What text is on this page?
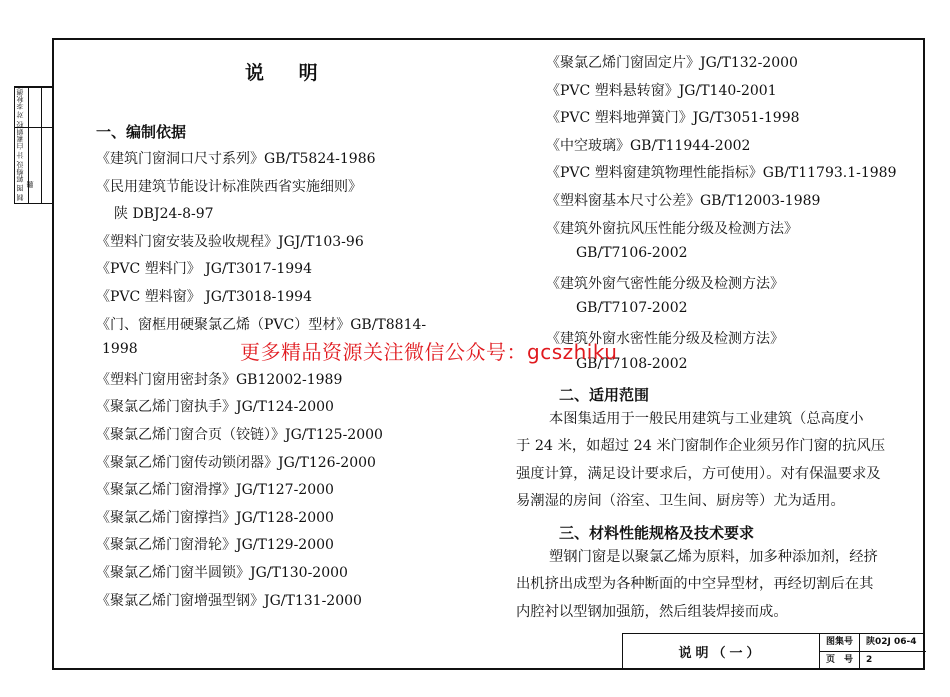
校 对 李秋德
设 计 白素娟
制 图 郭梅鹏
说 明
一、编制依据
《建筑门窗洞口尺寸系列》GB/T5824-1986
《民用建筑节能设计标准陕西省实施细则》
陕 DBJ24-8-97
《塑料门窗安装及验收规程》JGJ/T103-96
《PVC 塑料门》 JG/T3017-1994
《PVC 塑料窗》 JG/T3018-1994
《门、窗框用硬聚氯乙烯（PVC）型材》GB/T8814-
1998
《塑料门窗用密封条》GB12002-1989
《聚氯乙烯门窗执手》JG/T124-2000
《聚氯乙烯门窗合页（铰链）》JG/T125-2000
《聚氯乙烯门窗传动锁闭器》JG/T126-2000
《聚氯乙烯门窗滑撑》JG/T127-2000
《聚氯乙烯门窗撑挡》JG/T128-2000
《聚氯乙烯门窗滑轮》JG/T129-2000
《聚氯乙烯门窗半圆锁》JG/T130-2000
《聚氯乙烯门窗增强型钢》JG/T131-2000
《聚氯乙烯门窗固定片》JG/T132-2000
《PVC 塑料悬转窗》JG/T140-2001
《PVC 塑料地弹簧门》JG/T3051-1998
《中空玻璃》GB/T11944-2002
《PVC 塑料窗建筑物理性能指标》GB/T11793.1-1989
《塑料窗基本尺寸公差》GB/T12003-1989
《建筑外窗抗风压性能分级及检测方法》
GB/T7106-2002
《建筑外窗气密性能分级及检测方法》
GB/T7107-2002
《建筑外窗水密性能分级及检测方法》
GB/T7108-2002
二、适用范围
本图集适用于一般民用建筑与工业建筑（总高度小
于 24 米，如超过 24 米门窗制作企业须另作门窗的抗风压
强度计算，满足设计要求后，方可使用）。对有保温要求及
易潮湿的房间（浴室、卫生间、厨房等）尤为适用。
三、材料性能规格及技术要求
塑钢门窗是以聚氯乙烯为原料，加多种添加剂，经挤
出机挤出成型为各种断面的中空异型材，再经切割后在其
内腔衬以型钢加强筋，然后组装焊接而成。
更多精品资源关注微信公众号：gcszhiku
说明（一）
图集号	陕02J 06-4
页　号	2
